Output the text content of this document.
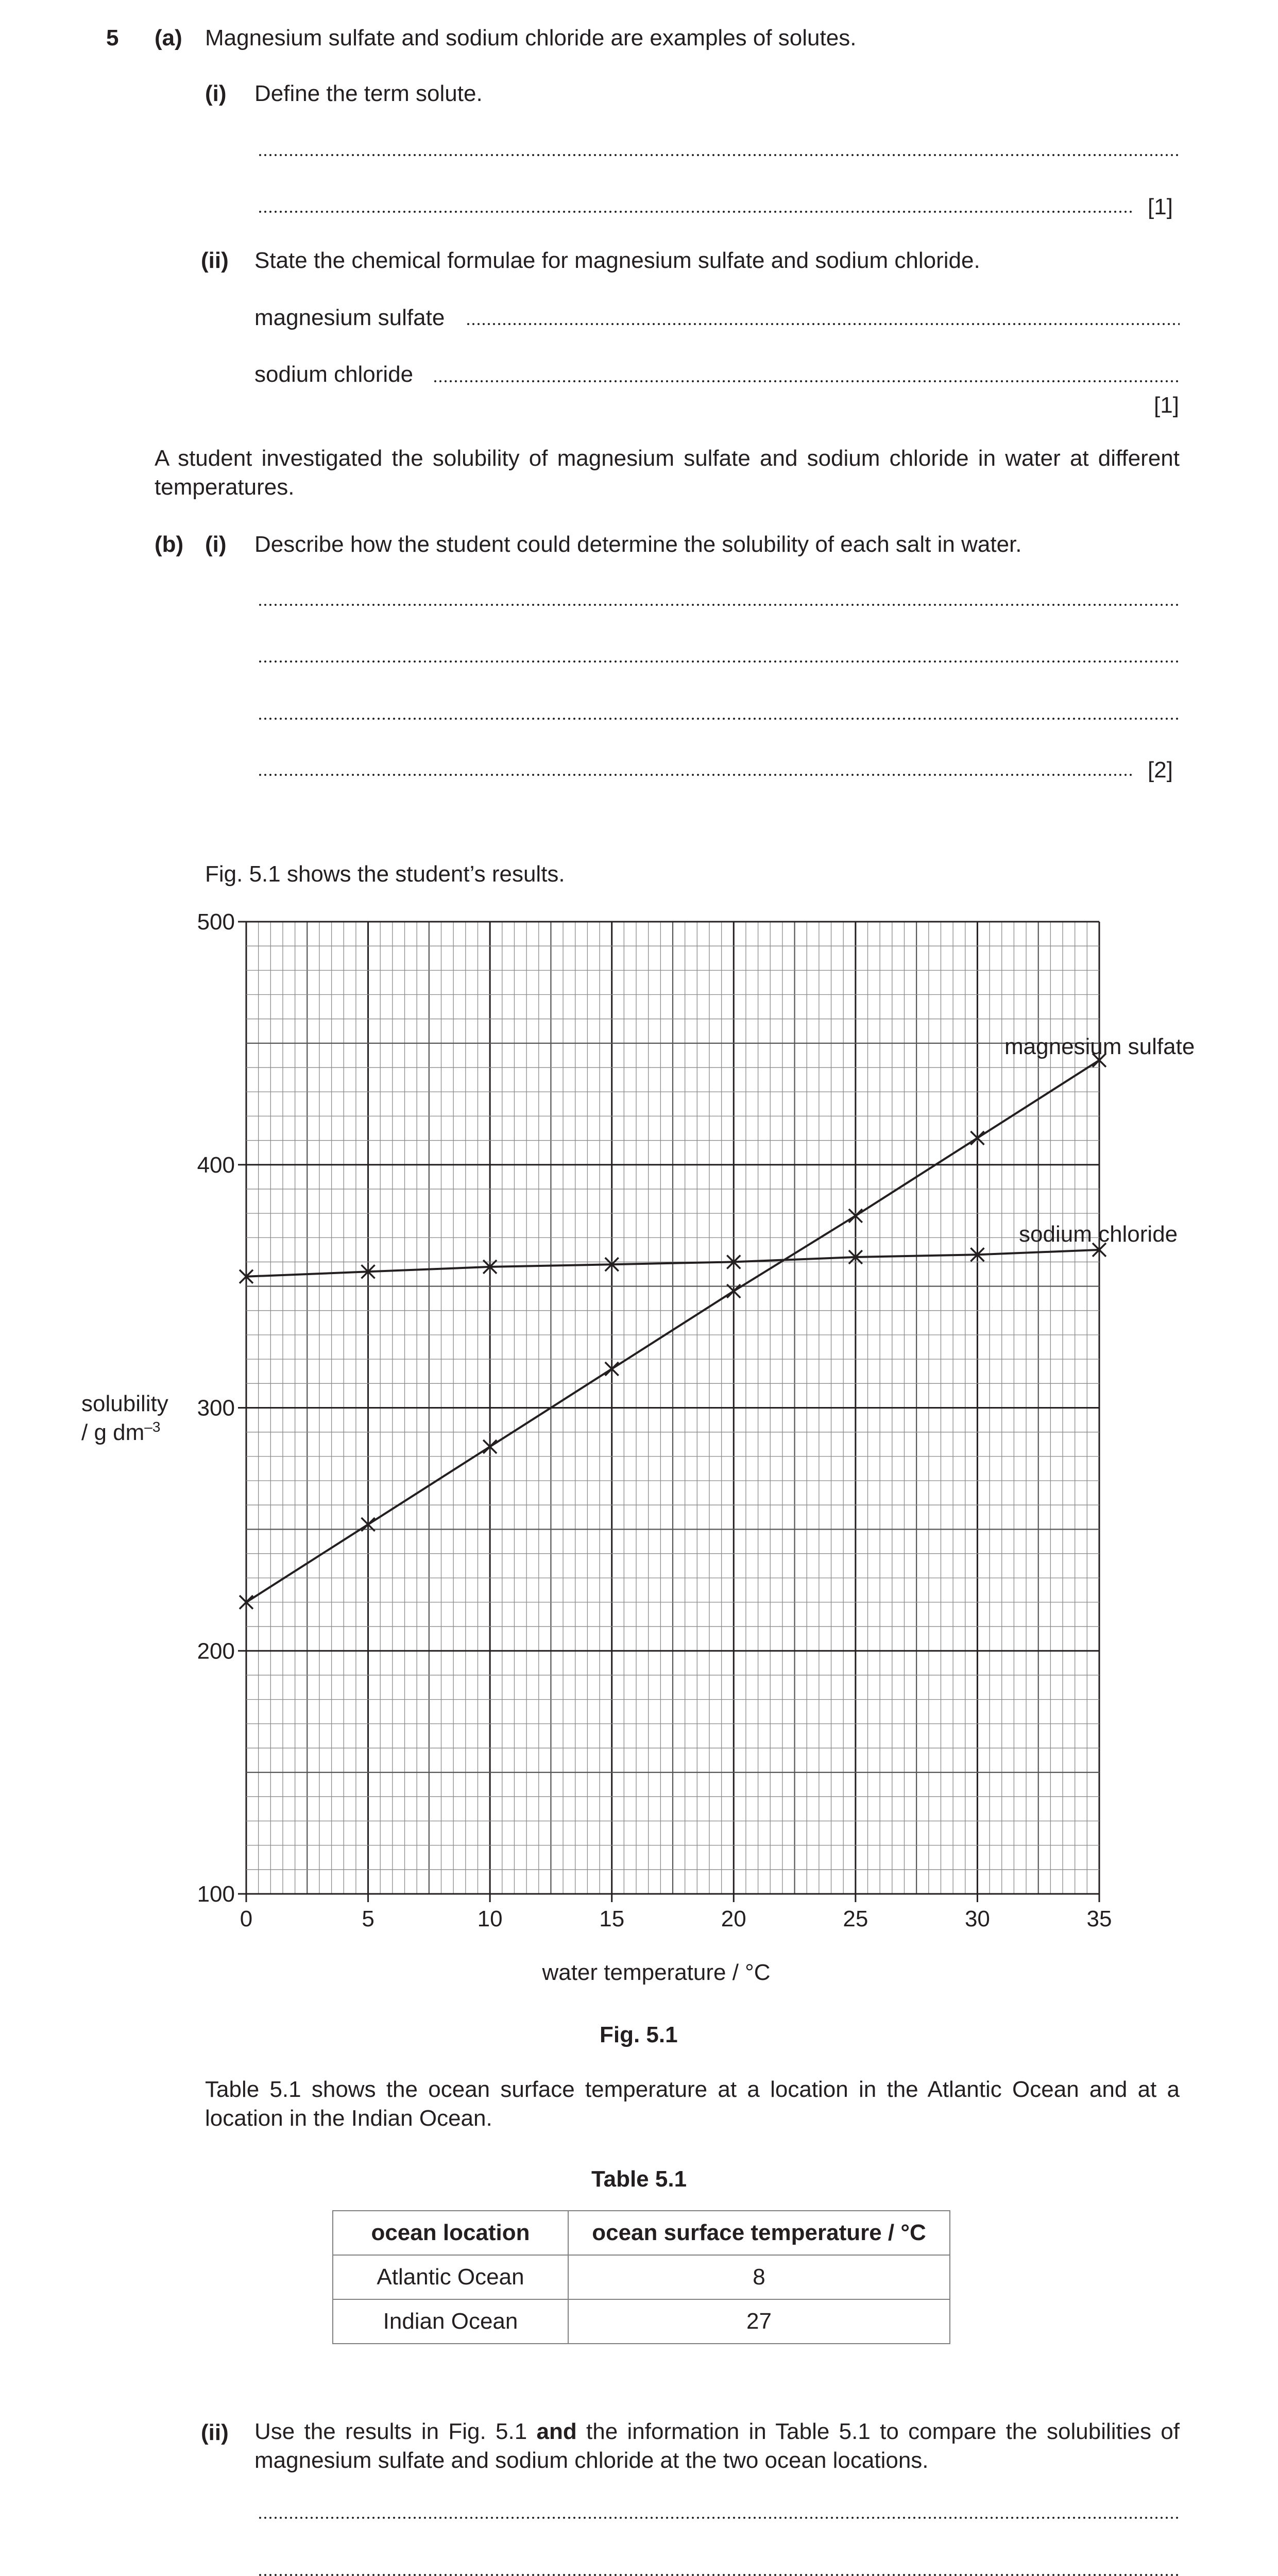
5 (a) Magnesium sulfate and sodium chloride are examples of solutes.
(i) Define the term solute.
[1]
(ii) State the chemical formulae for magnesium sulfate and sodium chloride.
magnesium sulfate
sodium chloride
[1]
A student investigated the solubility of magnesium sulfate and sodium chloride in water at different temperatures.
(b) (i) Describe how the student could determine the solubility of each salt in water.
[2]
Fig. 5.1 shows the student’s results.
0	5	10	15	20	25	30	35
100
200
300
400
500
magnesium sulfate
sodium chloride
solubility
/ g $dm^{-3}$
water temperature / °C
Fig. 5.1
Table 5.1 shows the ocean surface temperature at a location in the Atlantic Ocean and at a location in the Indian Ocean.
Table 5.1
ocean location	ocean surface temperature / °C
Atlantic Ocean	8
Indian Ocean	27
(ii) Use the results in Fig. 5.1 and the information in Table 5.1 to compare the solubilities of magnesium sulfate and sodium chloride at the two ocean locations.
